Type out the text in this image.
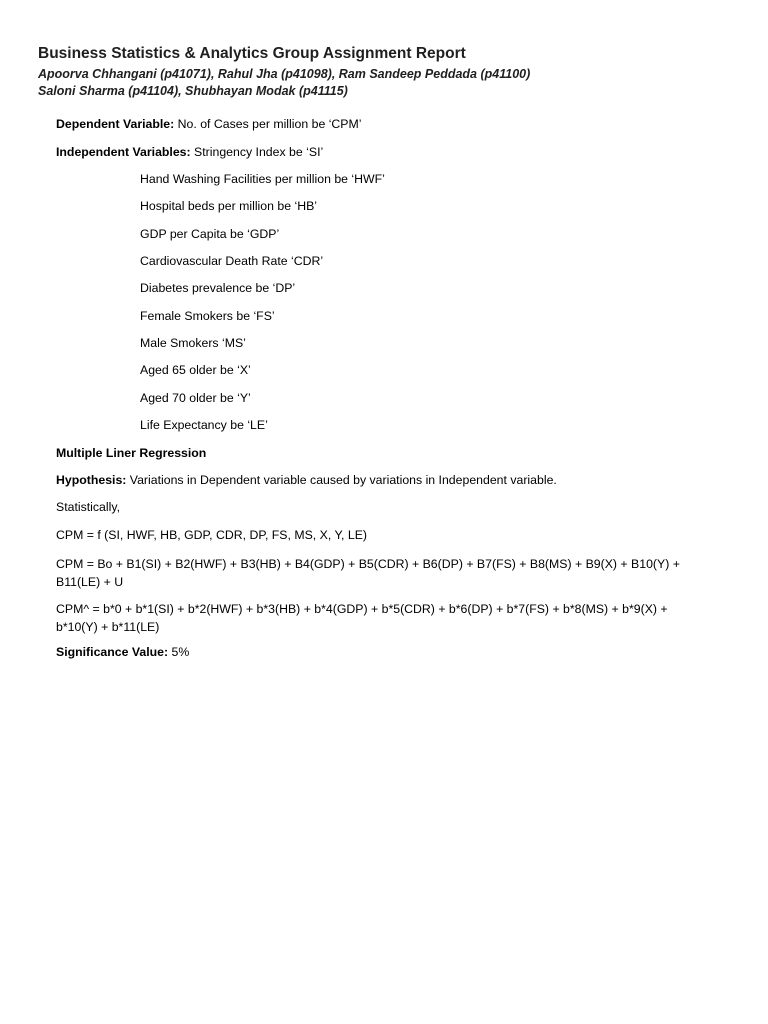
Business Statistics & Analytics Group Assignment Report
Apoorva Chhangani (p41071), Rahul Jha (p41098), Ram Sandeep Peddada (p41100)
Saloni Sharma (p41104), Shubhayan Modak (p41115)
Dependent Variable: No. of Cases per million be ‘CPM’
Independent Variables: Stringency Index be ‘SI’
Hand Washing Facilities per million be ‘HWF’
Hospital beds per million be ‘HB’
GDP per Capita be ‘GDP’
Cardiovascular Death Rate ‘CDR’
Diabetes prevalence be ‘DP’
Female Smokers be ‘FS’
Male Smokers ‘MS’
Aged 65 older be ‘X’
Aged 70 older be ‘Y’
Life Expectancy be ‘LE’
Multiple Liner Regression
Hypothesis: Variations in Dependent variable caused by variations in Independent variable.
Statistically,
CPM = f (SI, HWF, HB, GDP, CDR, DP, FS, MS, X, Y, LE)
CPM = Bo + B1(SI) + B2(HWF) + B3(HB) + B4(GDP) + B5(CDR) + B6(DP) + B7(FS) + B8(MS) + B9(X) + B10(Y) + B11(LE) + U
CPM^ = b*0 + b*1(SI) + b*2(HWF) + b*3(HB) + b*4(GDP) + b*5(CDR) + b*6(DP) + b*7(FS) + b*8(MS) + b*9(X) + b*10(Y) + b*11(LE)
Significance Value: 5%
